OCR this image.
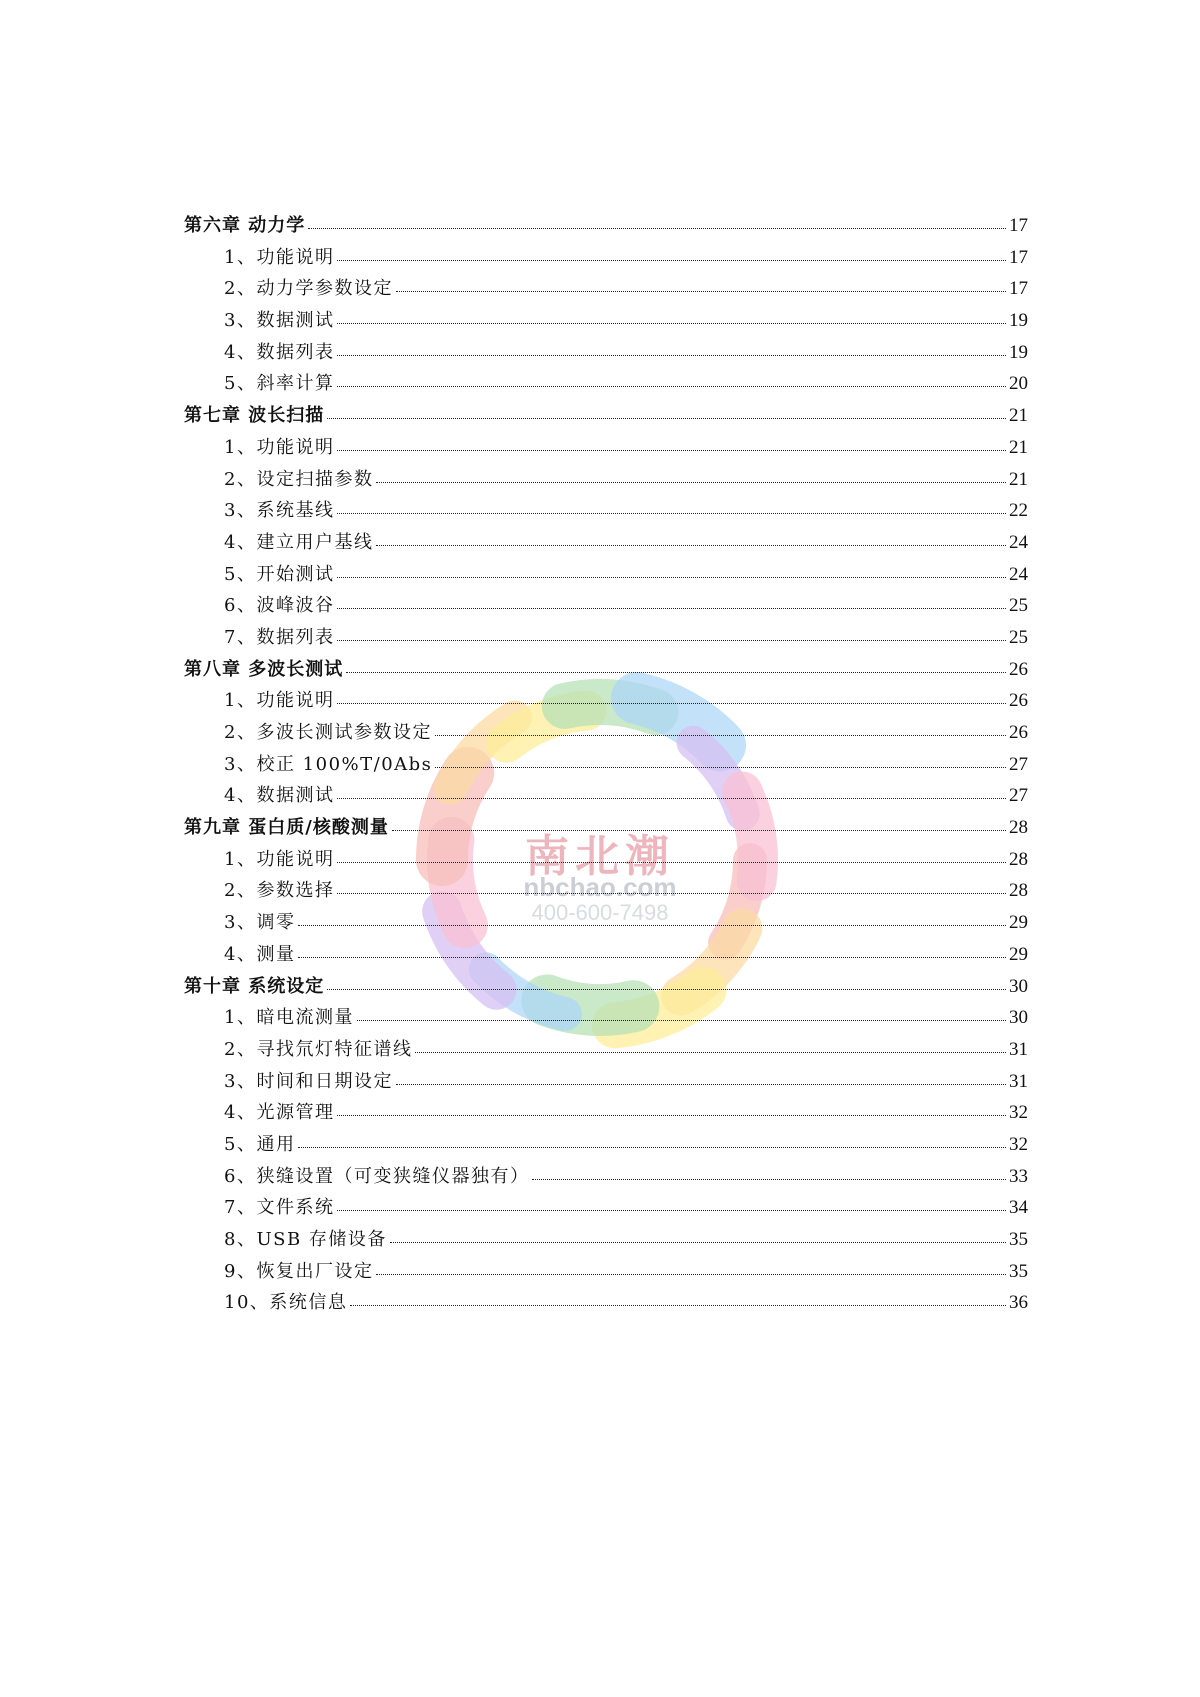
南北潮
nbchao.com
400-600-7498
第六章 动力学	17
1、功能说明	17
2、动力学参数设定	17
3、数据测试	19
4、数据列表	19
5、斜率计算	20
第七章 波长扫描	21
1、功能说明	21
2、设定扫描参数	21
3、系统基线	22
4、建立用户基线	24
5、开始测试	24
6、波峰波谷	25
7、数据列表	25
第八章 多波长测试	26
1、功能说明	26
2、多波长测试参数设定	26
3、校正 100%T/0Abs	27
4、数据测试	27
第九章 蛋白质/核酸测量	28
1、功能说明	28
2、参数选择	28
3、调零	29
4、测量	29
第十章 系统设定	30
1、暗电流测量	30
2、寻找氘灯特征谱线	31
3、时间和日期设定	31
4、光源管理	32
5、通用	32
6、狭缝设置（可变狭缝仪器独有）	33
7、文件系统	34
8、USB 存储设备	35
9、恢复出厂设定	35
10、系统信息	36
